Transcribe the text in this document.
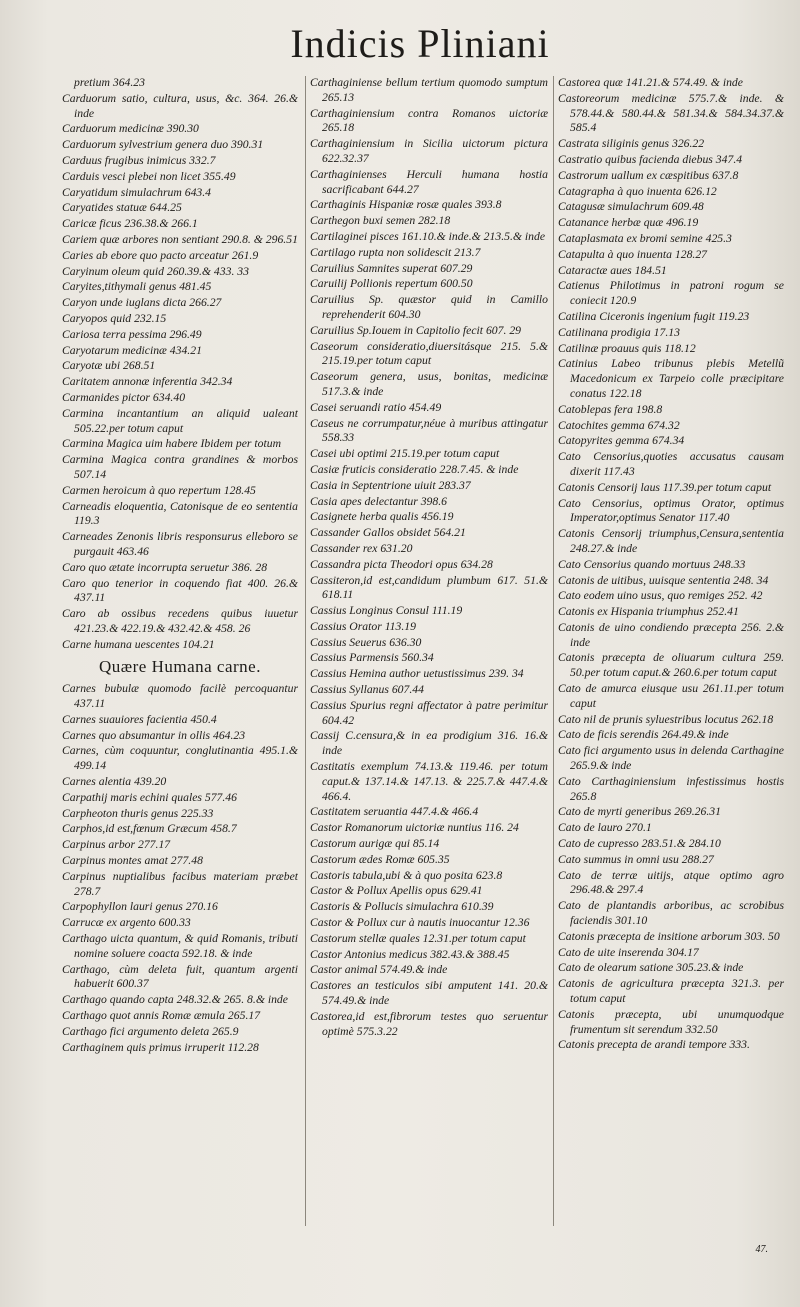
Indicis Pliniani
pretium 364.23
Carduorum satio, cultura, usus, &c. 364. 26.& inde
Carduorum medicinæ 390.30
Carduorum sylvestrium genera duo 390.31
Carduus frugibus inimicus 332.7
Carduis vesci plebei non licet 355.49
Caryatidum simulachrum 643.4
Caryatides statuæ 644.25
Caricæ ficus 236.38.& 266.1
Cariem quæ arbores non sentiant 290.8. & 296.51
Caries ab ebore quo pacto arceatur 261.9
Caryinum oleum quid 260.39.& 433. 33
Caryites,tithymali genus 481.45
Caryon unde iuglans dicta 266.27
Caryopos quid 232.15
Cariosa terra pessima 296.49
Caryotarum medicinæ 434.21
Caryotæ ubi 268.51
Caritatem annonæ inferentia 342.34
Carmanides pictor 634.40
Carmina incantantium an aliquid ualeant 505.22.per totum caput
Carmina Magica uim habere Ibidem per totum
Carmina Magica contra grandines & morbos 507.14
Carmen heroicum à quo repertum 128.45
Carneadis eloquentia, Catonisque de eo sententia 119.3
Carneades Zenonis libris responsurus elleboro se purgauit 463.46
Caro quo ætate incorrupta seruetur 386. 28
Caro quo tenerior in coquendo fiat 400. 26.& 437.11
Caro ab ossibus recedens quibus iuuetur 421.23.& 422.19.& 432.42.& 458. 26
Carne humana uescentes 104.21
Quære Humana carne.
Carnes bubulæ quomodo facilè percoquantur 437.11
Carnes suauiores facientia 450.4
Carnes quo absumantur in ollis 464.23
Carnes, cùm coquuntur, conglutinantia 495.1.& 499.14
Carnes alentia 439.20
Carpathij maris echini quales 577.46
Carpheoton thuris genus 225.33
Carphos,id est,fœnum Græcum 458.7
Carpinus arbor 277.17
Carpinus montes amat 277.48
Carpinus nuptialibus facibus materiam præbet 278.7
Carpophyllon lauri genus 270.16
Carrucæ ex argento 600.33
Carthago uicta quantum, & quid Romanis, tributi nomine soluere coacta 592.18. & inde
Carthago, cùm deleta fuit, quantum argenti habuerit 600.37
Carthago quando capta 248.32.& 265. 8.& inde
Carthago quot annis Romæ æmula 265.17
Carthago fici argumento deleta 265.9
Carthaginem quis primus irruperit 112.28
Carthaginiense bellum tertium quomodo sumptum 265.13
Carthaginiensium contra Romanos uictoriæ 265.18
Carthaginiensium in Sicilia uictorum pictura 622.32.37
Carthaginienses Herculi humana hostia sacrificabant 644.27
Carthaginis Hispaniæ rosæ quales 393.8
Carthegon buxi semen 282.18
Cartilaginei pisces 161.10.& inde.& 213.5.& inde
Cartilago rupta non solidescit 213.7
Caruilius Samnites superat 607.29
Caruilij Pollionis repertum 600.50
Caruilius Sp. quæstor quid in Camillo reprehenderit 604.30
Caruilius Sp.Iouem in Capitolio fecit 607. 29
Caseorum consideratio,diuersitásque 215. 5.& 215.19.per totum caput
Caseorum genera, usus, bonitas, medicinæ 517.3.& inde
Casei seruandi ratio 454.49
Caseus ne corrumpatur,néue à muribus attingatur 558.33
Casei ubi optimi 215.19.per totum caput
Casiæ fruticis consideratio 228.7.45. & inde
Casia in Septentrione uiuit 283.37
Casia apes delectantur 398.6
Casignete herba qualis 456.19
Cassander Gallos obsidet 564.21
Cassander rex 631.20
Cassandra picta Theodori opus 634.28
Cassiteron,id est,candidum plumbum 617. 51.& 618.11
Cassius Longinus Consul 111.19
Cassius Orator 113.19
Cassius Seuerus 636.30
Cassius Parmensis 560.34
Cassius Hemina author uetustissimus 239. 34
Cassius Syllanus 607.44
Cassius Spurius regni affectator à patre perimitur 604.42
Cassij C.censura,& in ea prodigium 316. 16.& inde
Castitatis exemplum 74.13.& 119.46. per totum caput.& 137.14.& 147.13. & 225.7.& 447.4.& 466.4.
Castitatem seruantia 447.4.& 466.4
Castor Romanorum uictoriæ nuntius 116. 24
Castorum aurigæ qui 85.14
Castorum ædes Romæ 605.35
Castoris tabula,ubi & à quo posita 623.8
Castor & Pollux Apellis opus 629.41
Castoris & Pollucis simulachra 610.39
Castor & Pollux cur à nautis inuocantur 12.36
Castorum stellæ quales 12.31.per totum caput
Castor Antonius medicus 382.43.& 388.45
Castor animal 574.49.& inde
Castores an testiculos sibi amputent 141. 20.& 574.49.& inde
Castorea,id est,fibrorum testes quo seruentur optimè 575.3.22
Castorea quæ 141.21.& 574.49. & inde
Castoreorum medicinæ 575.7.& inde. & 578.44.& 580.44.& 581.34.& 584.34.37.& 585.4
Castrata siliginis genus 326.22
Castratio quibus facienda diebus 347.4
Castrorum uallum ex cæspitibus 637.8
Catagrapha à quo inuenta 626.12
Catagusæ simulachrum 609.48
Catanance herbæ quæ 496.19
Cataplasmata ex bromi semine 425.3
Catapulta à quo inuenta 128.27
Cataractæ aues 184.51
Catienus Philotimus in patroni rogum se coniecit 120.9
Catilina Ciceronis ingenium fugit 119.23
Catilinana prodigia 17.13
Catilinæ proauus quis 118.12
Catinius Labeo tribunus plebis Metellũ Macedonicum ex Tarpeio colle præcipitare conatus 122.18
Catoblepas fera 198.8
Catochites gemma 674.32
Catopyrites gemma 674.34
Cato Censorius,quoties accusatus causam dixerit 117.43
Catonis Censorij laus 117.39.per totum caput
Cato Censorius, optimus Orator, optimus Imperator,optimus Senator 117.40
Catonis Censorij triumphus,Censura,sententia 248.27.& inde
Cato Censorius quando mortuus 248.33
Catonis de uitibus, uuisque sententia 248. 34
Cato eodem uino usus, quo remiges 252. 42
Catonis ex Hispania triumphus 252.41
Catonis de uino condiendo præcepta 256. 2.& inde
Catonis præcepta de oliuarum cultura 259. 50.per totum caput.& 260.6.per totum caput
Cato de amurca eiusque usu 261.11.per totum caput
Cato nil de prunis syluestribus locutus 262.18
Cato de ficis serendis 264.49.& inde
Cato fici argumento usus in delenda Carthagine 265.9.& inde
Cato Carthaginiensium infestissimus hostis 265.8
Cato de myrti generibus 269.26.31
Cato de lauro 270.1
Cato de cupresso 283.51.& 284.10
Cato summus in omni usu 288.27
Cato de terræ uitijs, atque optimo agro 296.48.& 297.4
Cato de plantandis arboribus, ac scrobibus faciendis 301.10
Catonis præcepta de insitione arborum 303. 50
Cato de uite inserenda 304.17
Cato de olearum satione 305.23.& inde
Catonis de agricultura præcepta 321.3. per totum caput
Catonis præcepta, ubi unumquodque frumentum sit serendum 332.50
Catonis precepta de arandi tempore 333.
47.
